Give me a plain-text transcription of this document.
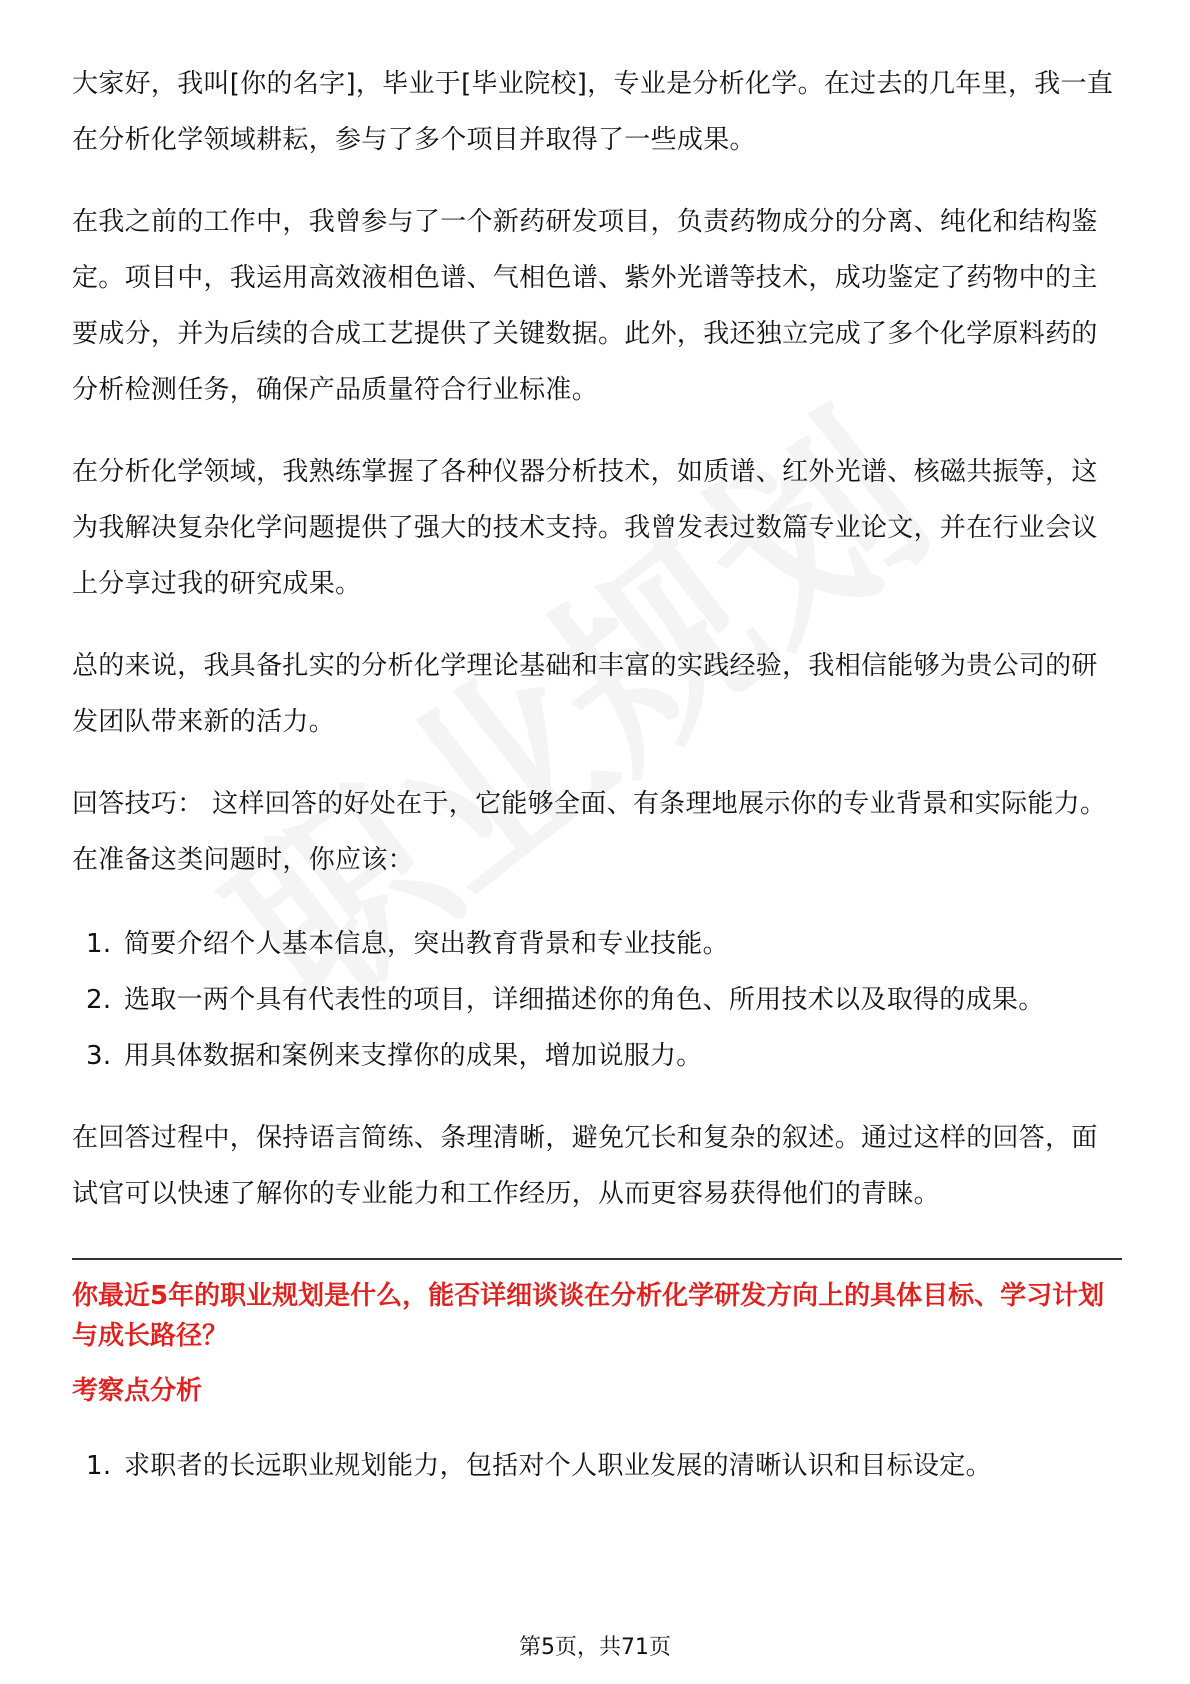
大家好，我叫[你的名字]，毕业于[毕业院校]，专业是分析化学。在过去的几年里，我一直在分析化学领域耕耘，参与了多个项目并取得了一些成果。

在我之前的工作中，我曾参与了一个新药研发项目，负责药物成分的分离、纯化和结构鉴定。项目中，我运用高效液相色谱、气相色谱、紫外光谱等技术，成功鉴定了药物中的主要成分，并为后续的合成工艺提供了关键数据。此外，我还独立完成了多个化学原料药的分析检测任务，确保产品质量符合行业标准。

在分析化学领域，我熟练掌握了各种仪器分析技术，如质谱、红外光谱、核磁共振等，这为我解决复杂化学问题提供了强大的技术支持。我曾发表过数篇专业论文，并在行业会议上分享过我的研究成果。

总的来说，我具备扎实的分析化学理论基础和丰富的实践经验，我相信能够为贵公司的研发团队带来新的活力。

回答技巧： 这样回答的好处在于，它能够全面、有条理地展示你的专业背景和实际能力。在准备这类问题时，你应该：

1. 简要介绍个人基本信息，突出教育背景和专业技能。
2. 选取一两个具有代表性的项目，详细描述你的角色、所用技术以及取得的成果。
3. 用具体数据和案例来支撑你的成果，增加说服力。

在回答过程中，保持语言简练、条理清晰，避免冗长和复杂的叙述。通过这样的回答，面试官可以快速了解你的专业能力和工作经历，从而更容易获得他们的青睐。

你最近5年的职业规划是什么，能否详细谈谈在分析化学研发方向上的具体目标、学习计划与成长路径？
考察点分析
1. 求职者的长远职业规划能力，包括对个人职业发展的清晰认识和目标设定。
第5页，共71页
